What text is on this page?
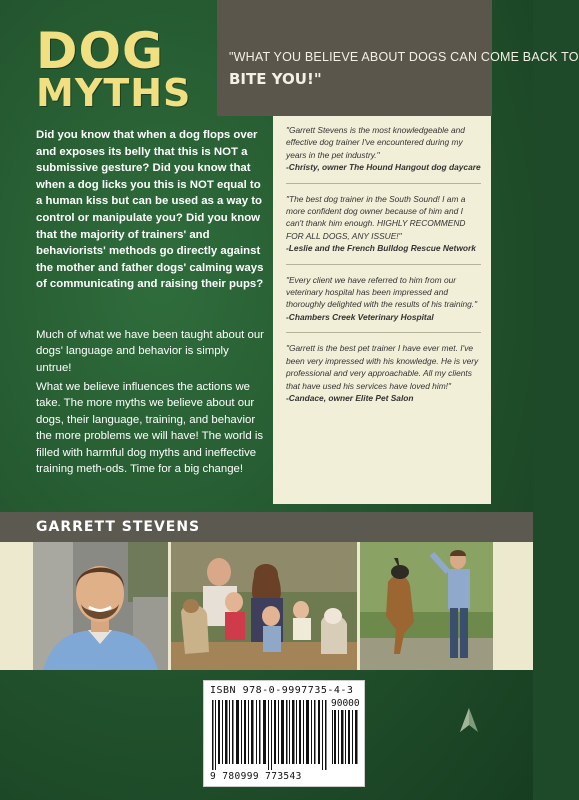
DOG
MYTHS
"WHAT YOU BELIEVE ABOUT DOGS CAN COME BACK TO
BITE YOU!"
Did you know that when a dog flops over and exposes its belly that this is NOT a submissive gesture? Did you know that when a dog licks you this is NOT equal to a human kiss but can be used as a way to control or manipulate you? Did you know that the majority of trainers' and behaviorists' methods go directly against the mother and father dogs' calming ways of communicating and raising their pups?
Much of what we have been taught about our dogs' language and behavior is simply untrue!
What we believe influences the actions we take. The more myths we believe about our dogs, their language, training, and behavior the more problems we will have! The world is filled with harmful dog myths and ineffective training meth-ods. Time for a big change!
"Garrett Stevens is the most knowledgeable and effective dog trainer I've encountered during my years in the pet industry."
-Christy, owner The Hound Hangout dog daycare
"The best dog trainer in the South Sound! I am a more confident dog owner because of him and I can't thank him enough. HIGHLY RECOMMEND FOR ALL DOGS, ANY ISSUE!"
-Leslie and the French Bulldog Rescue Network
"Every client we have referred to him from our veterinary hospital has been impressed and thoroughly delighted with the results of his training."
-Chambers Creek Veterinary Hospital
"Garrett is the best pet trainer I have ever met. I've been very impressed with his knowledge. He is very professional and very approachable. All my clients that have used his services have loved him!"
-Candace, owner Elite Pet Salon
GARRETT STEVENS
ISBN 978-0-9997735-4-3
90000
9 780999 773543
